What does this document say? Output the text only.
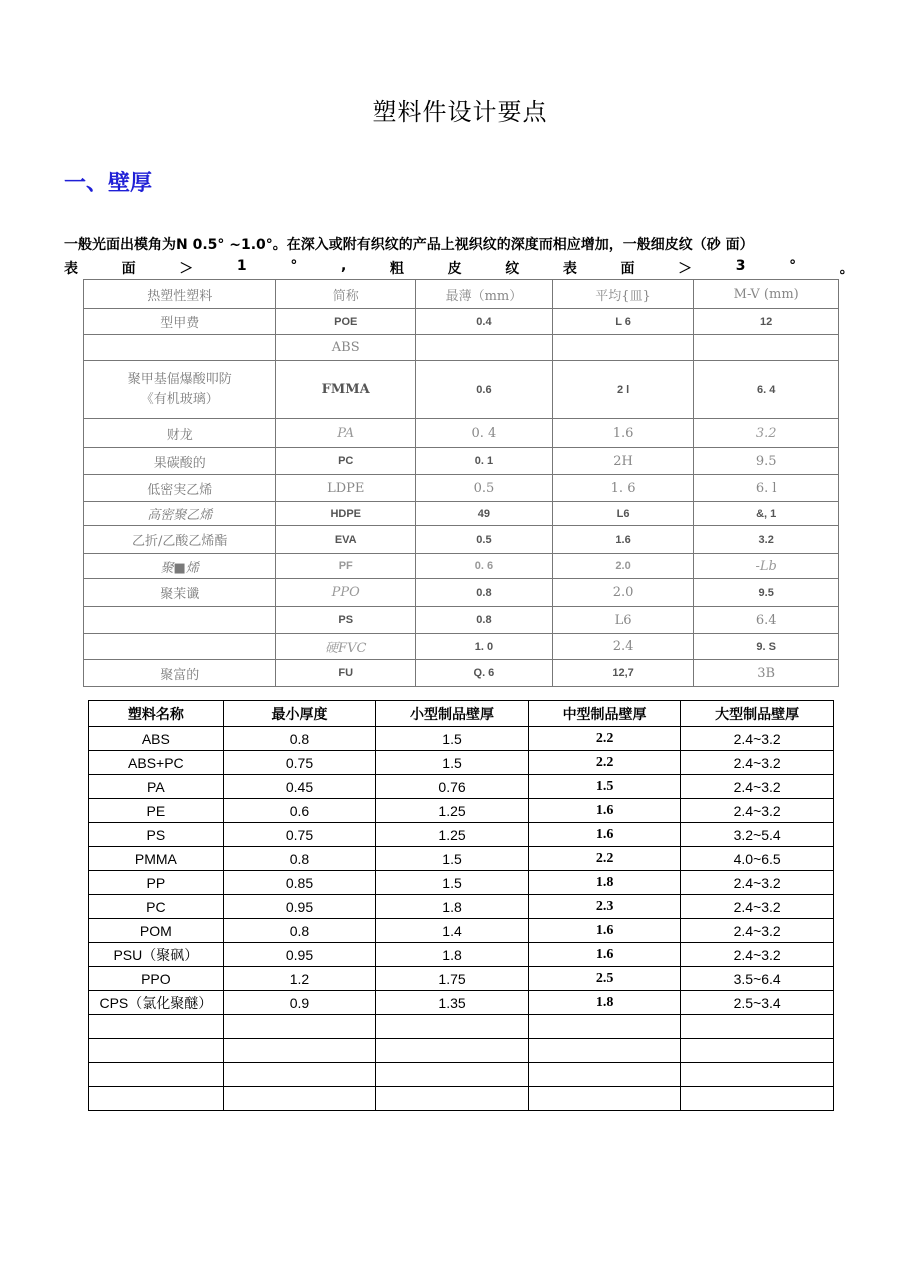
塑料件设计要点
一、壁厚
一般光面出模角为N 0.5° ~1.0°。在深入或附有织纹的产品上视织纹的深度而相应增加，一般细皮纹（砂 面）
表	面	＞	1	°	,	粗	皮	纹	表	面	＞	3	°	。
热塑性塑料	简称	最薄（mm）	平均{皿}	M-V (mm)
型甲费	POE	0.4	L 6	12
	ABS			
聚甲基偪爆酸叩防
《有机玻璃）	FMMA	0.6	2 l	6. 4
财龙	PA	0. 4	1.6	3.2
果碳酸的	PC	0. 1	2H	9.5
低密実乙烯	LDPE	0.5	1. 6	6. l
高密聚乙烯	HDPE	49	L6	&, 1
乙折/乙酸乙烯酯	EVA	0.5	1.6	3.2
聚■烯	PF	0. 6	2.0	-Lb
聚茉谶	PPO	0.8	2.0	9.5
	PS	0.8	L6	6.4
	硬FVC	1. 0	2.4	9. S
聚富的	FU	Q. 6	12,7	3B
塑料名称	最小厚度	小型制品壁厚	中型制品壁厚	大型制品壁厚
ABS	0.8	1.5	2.2	2.4~3.2
ABS+PC	0.75	1.5	2.2	2.4~3.2
PA	0.45	0.76	1.5	2.4~3.2
PE	0.6	1.25	1.6	2.4~3.2
PS	0.75	1.25	1.6	3.2~5.4
PMMA	0.8	1.5	2.2	4.0~6.5
PP	0.85	1.5	1.8	2.4~3.2
PC	0.95	1.8	2.3	2.4~3.2
POM	0.8	1.4	1.6	2.4~3.2
PSU（聚砜）	0.95	1.8	1.6	2.4~3.2
PPO	1.2	1.75	2.5	3.5~6.4
CPS（氯化聚醚）	0.9	1.35	1.8	2.5~3.4
